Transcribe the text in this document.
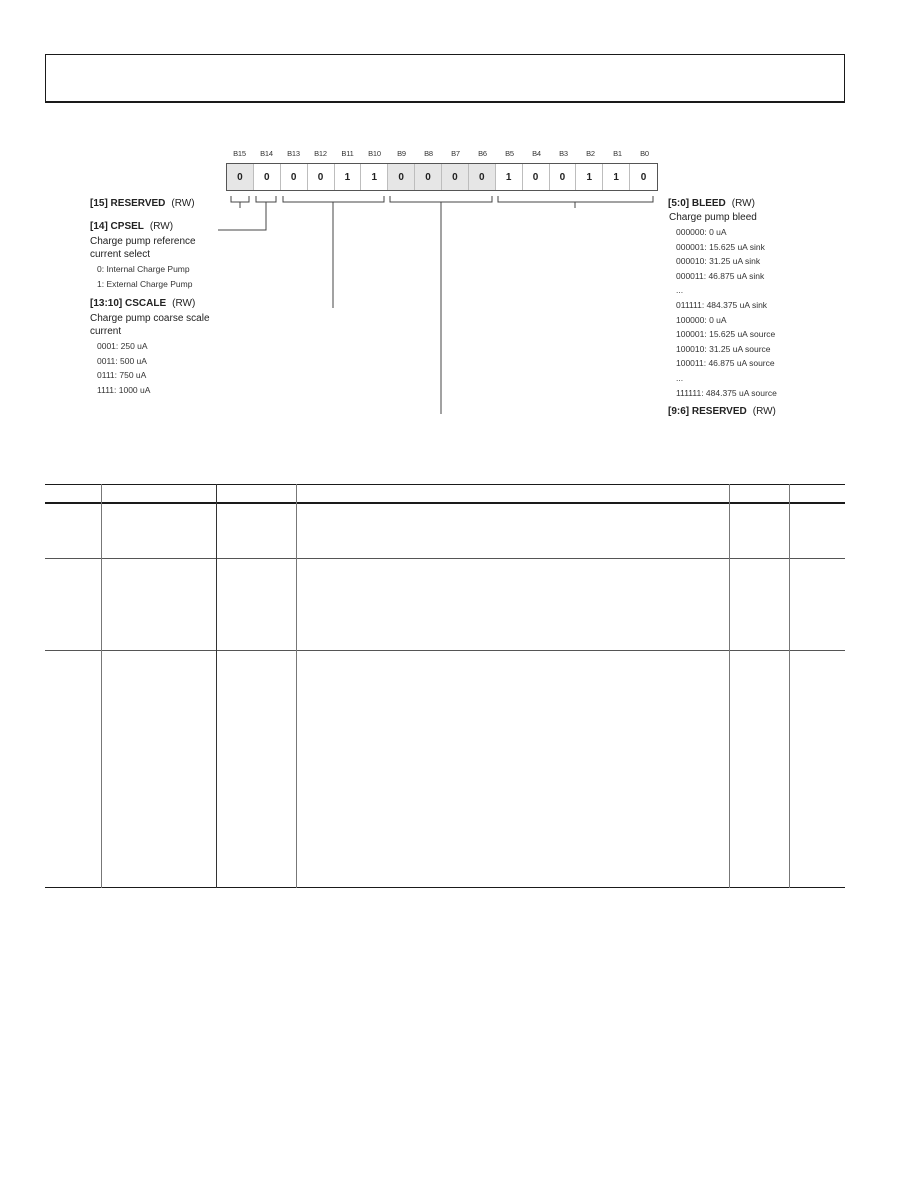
B15	B14	B13	B12	B11	B10	B9	B8	B7	B6	B5	B4	B3	B2	B1	B0
0	0	0	0	1	1	0	0	0	0	1	0	0	1	1	0
[15] RESERVED (RW)
[14] CPSEL (RW)
Charge pump reference current select
0: Internal Charge Pump
1: External Charge Pump
[13:10] CSCALE (RW)
Charge pump coarse scale current
0001: 250 uA
0011: 500 uA
0111: 750 uA
1111: 1000 uA
[5:0] BLEED (RW)
Charge pump bleed
000000: 0 uA
000001: 15.625 uA sink
000010: 31.25 uA sink
000011: 46.875 uA sink
...
011111: 484.375 uA sink
100000: 0 uA
100001: 15.625 uA source
100010: 31.25 uA source
100011: 46.875 uA source
...
111111: 484.375 uA source
[9:6] RESERVED (RW)
